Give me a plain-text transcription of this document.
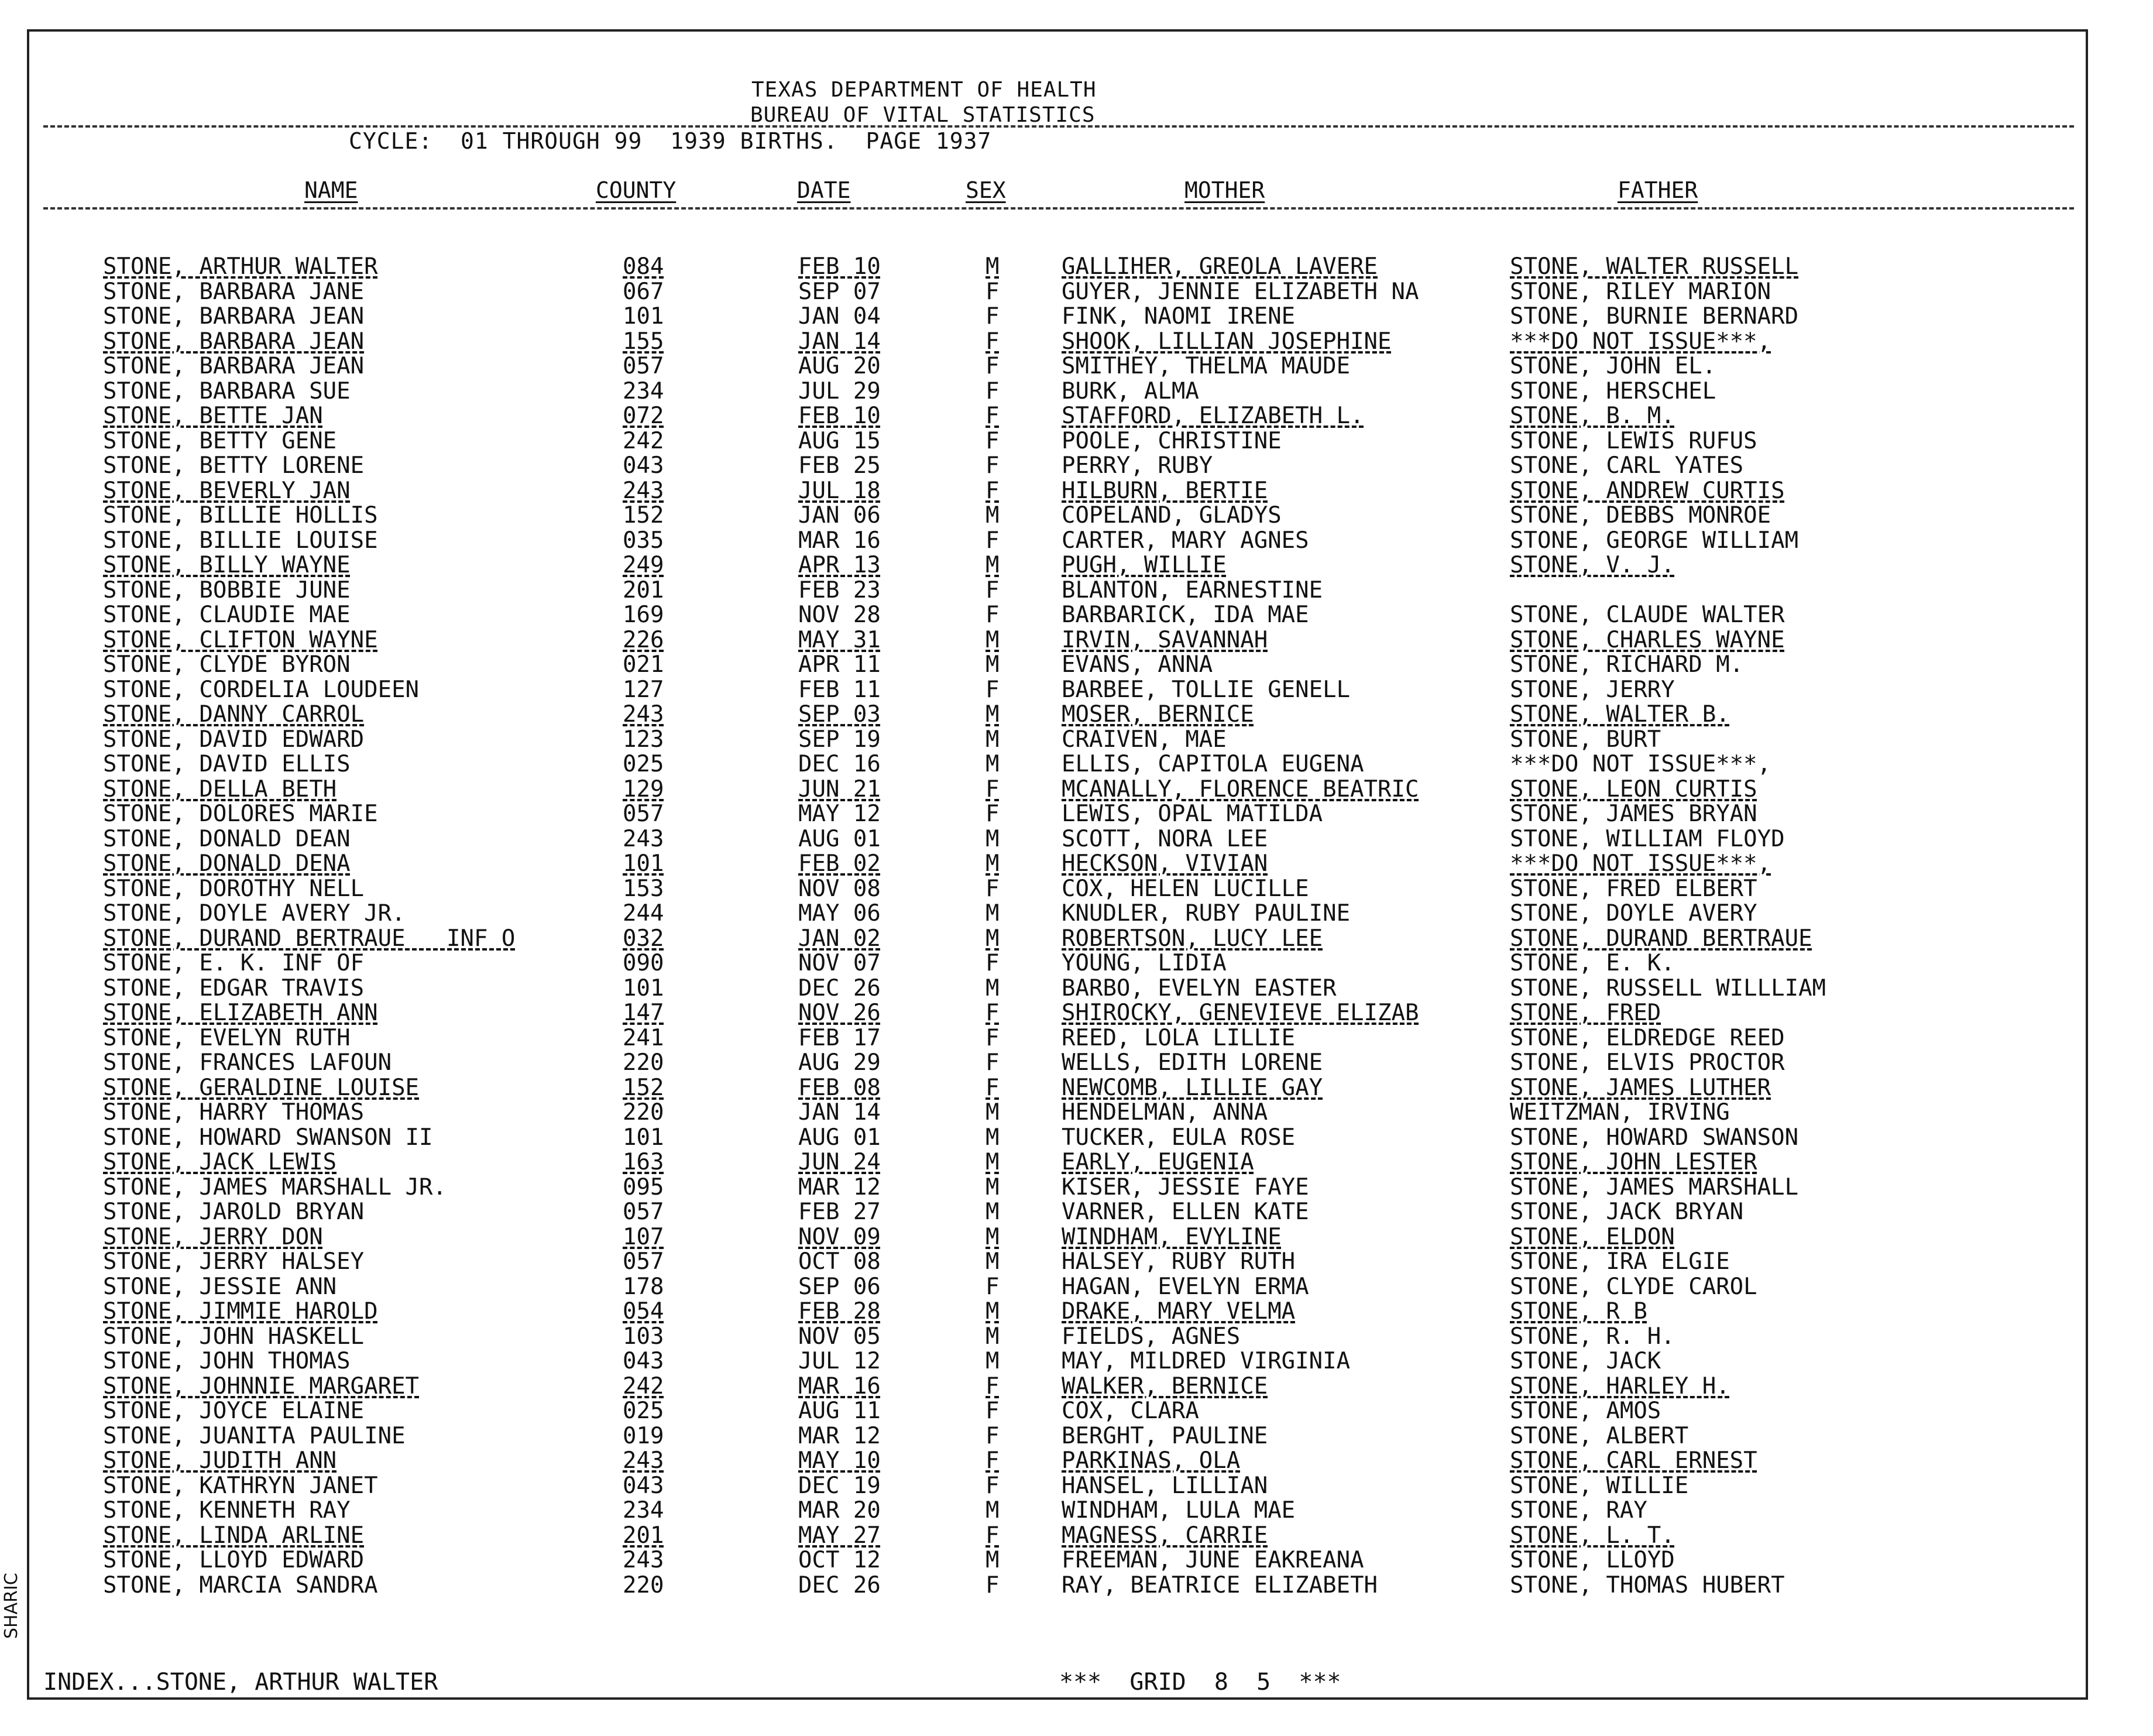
TEXAS DEPARTMENT OF HEALTH
BUREAU OF VITAL STATISTICS
CYCLE:  01 THROUGH 99  1939 BIRTHS.  PAGE 1937
NAME	COUNTY	DATE	SEX	MOTHER	FATHER
STONE, ARTHUR WALTER	084	FEB 10	M	GALLIHER, GREOLA LAVERE	STONE, WALTER RUSSELL
STONE, BARBARA JANE	067	SEP 07	F	GUYER, JENNIE ELIZABETH NA	STONE, RILEY MARION
STONE, BARBARA JEAN	101	JAN 04	F	FINK, NAOMI IRENE	STONE, BURNIE BERNARD
STONE, BARBARA JEAN	155	JAN 14	F	SHOOK, LILLIAN JOSEPHINE	***DO NOT ISSUE***,
STONE, BARBARA JEAN	057	AUG 20	F	SMITHEY, THELMA MAUDE	STONE, JOHN EL.
STONE, BARBARA SUE	234	JUL 29	F	BURK, ALMA	STONE, HERSCHEL
STONE, BETTE JAN	072	FEB 10	F	STAFFORD, ELIZABETH L.	STONE, B. M.
STONE, BETTY GENE	242	AUG 15	F	POOLE, CHRISTINE	STONE, LEWIS RUFUS
STONE, BETTY LORENE	043	FEB 25	F	PERRY, RUBY	STONE, CARL YATES
STONE, BEVERLY JAN	243	JUL 18	F	HILBURN, BERTIE	STONE, ANDREW CURTIS
STONE, BILLIE HOLLIS	152	JAN 06	M	COPELAND, GLADYS	STONE, DEBBS MONROE
STONE, BILLIE LOUISE	035	MAR 16	F	CARTER, MARY AGNES	STONE, GEORGE WILLIAM
STONE, BILLY WAYNE	249	APR 13	M	PUGH, WILLIE	STONE, V. J.
STONE, BOBBIE JUNE	201	FEB 23	F	BLANTON, EARNESTINE
STONE, CLAUDIE MAE	169	NOV 28	F	BARBARICK, IDA MAE	STONE, CLAUDE WALTER
STONE, CLIFTON WAYNE	226	MAY 31	M	IRVIN, SAVANNAH	STONE, CHARLES WAYNE
STONE, CLYDE BYRON	021	APR 11	M	EVANS, ANNA	STONE, RICHARD M.
STONE, CORDELIA LOUDEEN	127	FEB 11	F	BARBEE, TOLLIE GENELL	STONE, JERRY
STONE, DANNY CARROL	243	SEP 03	M	MOSER, BERNICE	STONE, WALTER B.
STONE, DAVID EDWARD	123	SEP 19	M	CRAIVEN, MAE	STONE, BURT
STONE, DAVID ELLIS	025	DEC 16	M	ELLIS, CAPITOLA EUGENA	***DO NOT ISSUE***,
STONE, DELLA BETH	129	JUN 21	F	MCANALLY, FLORENCE BEATRIC	STONE, LEON CURTIS
STONE, DOLORES MARIE	057	MAY 12	F	LEWIS, OPAL MATILDA	STONE, JAMES BRYAN
STONE, DONALD DEAN	243	AUG 01	M	SCOTT, NORA LEE	STONE, WILLIAM FLOYD
STONE, DONALD DENA	101	FEB 02	M	HECKSON, VIVIAN	***DO NOT ISSUE***,
STONE, DOROTHY NELL	153	NOV 08	F	COX, HELEN LUCILLE	STONE, FRED ELBERT
STONE, DOYLE AVERY JR.	244	MAY 06	M	KNUDLER, RUBY PAULINE	STONE, DOYLE AVERY
STONE, DURAND BERTRAUE   INF O	032	JAN 02	M	ROBERTSON, LUCY LEE	STONE, DURAND BERTRAUE
STONE, E. K. INF OF	090	NOV 07	F	YOUNG, LIDIA	STONE, E. K.
STONE, EDGAR TRAVIS	101	DEC 26	M	BARBO, EVELYN EASTER	STONE, RUSSELL WILLLIAM
STONE, ELIZABETH ANN	147	NOV 26	F	SHIROCKY, GENEVIEVE ELIZAB	STONE, FRED
STONE, EVELYN RUTH	241	FEB 17	F	REED, LOLA LILLIE	STONE, ELDREDGE REED
STONE, FRANCES LAFOUN	220	AUG 29	F	WELLS, EDITH LORENE	STONE, ELVIS PROCTOR
STONE, GERALDINE LOUISE	152	FEB 08	F	NEWCOMB, LILLIE GAY	STONE, JAMES LUTHER
STONE, HARRY THOMAS	220	JAN 14	M	HENDELMAN, ANNA	WEITZMAN, IRVING
STONE, HOWARD SWANSON II	101	AUG 01	M	TUCKER, EULA ROSE	STONE, HOWARD SWANSON
STONE, JACK LEWIS	163	JUN 24	M	EARLY, EUGENIA	STONE, JOHN LESTER
STONE, JAMES MARSHALL JR.	095	MAR 12	M	KISER, JESSIE FAYE	STONE, JAMES MARSHALL
STONE, JAROLD BRYAN	057	FEB 27	M	VARNER, ELLEN KATE	STONE, JACK BRYAN
STONE, JERRY DON	107	NOV 09	M	WINDHAM, EVYLINE	STONE, ELDON
STONE, JERRY HALSEY	057	OCT 08	M	HALSEY, RUBY RUTH	STONE, IRA ELGIE
STONE, JESSIE ANN	178	SEP 06	F	HAGAN, EVELYN ERMA	STONE, CLYDE CAROL
STONE, JIMMIE HAROLD	054	FEB 28	M	DRAKE, MARY VELMA	STONE, R B
STONE, JOHN HASKELL	103	NOV 05	M	FIELDS, AGNES	STONE, R. H.
STONE, JOHN THOMAS	043	JUL 12	M	MAY, MILDRED VIRGINIA	STONE, JACK
STONE, JOHNNIE MARGARET	242	MAR 16	F	WALKER, BERNICE	STONE, HARLEY H.
STONE, JOYCE ELAINE	025	AUG 11	F	COX, CLARA	STONE, AMOS
STONE, JUANITA PAULINE	019	MAR 12	F	BERGHT, PAULINE	STONE, ALBERT
STONE, JUDITH ANN	243	MAY 10	F	PARKINAS, OLA	STONE, CARL ERNEST
STONE, KATHRYN JANET	043	DEC 19	F	HANSEL, LILLIAN	STONE, WILLIE
STONE, KENNETH RAY	234	MAR 20	M	WINDHAM, LULA MAE	STONE, RAY
STONE, LINDA ARLINE	201	MAY 27	F	MAGNESS, CARRIE	STONE, L. T.
STONE, LLOYD EDWARD	243	OCT 12	M	FREEMAN, JUNE EAKREANA	STONE, LLOYD
STONE, MARCIA SANDRA	220	DEC 26	F	RAY, BEATRICE ELIZABETH	STONE, THOMAS HUBERT
INDEX...STONE, ARTHUR WALTER	***  GRID  8  5  ***
SHARIC
